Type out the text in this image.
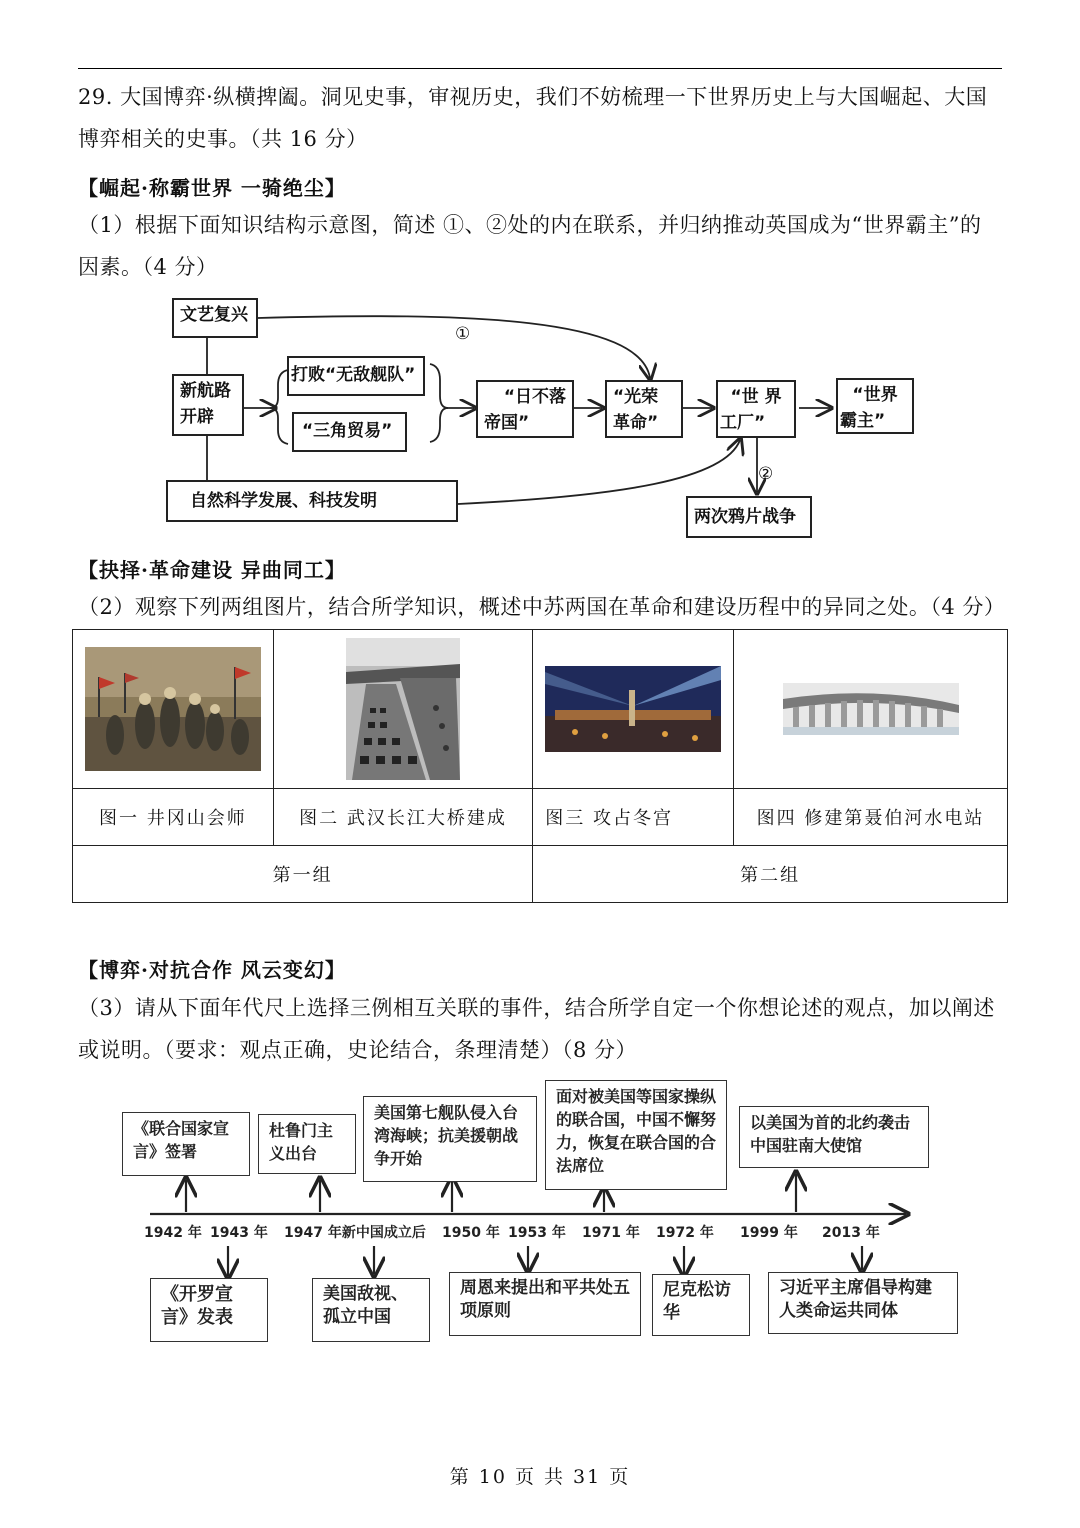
29. 大国博弈·纵横捭阖。洞见史事，审视历史，我们不妨梳理一下世界历史上与大国崛起、大国
博弈相关的史事。（共 16 分）
【崛起·称霸世界 一骑绝尘】
（1）根据下面知识结构示意图，简述 ①、②处的内在联系，并归纳推动英国成为“世界霸主”的
因素。（4 分）
文艺复兴
新航路
开辟
打败“无敌舰队”
“三角贸易”
“日不落
帝国”
“光荣
革命”
“世 界
工厂”
“世界
霸主”
自然科学发展、科技发明
两次鸦片战争
①
②
【抉择·革命建设 异曲同工】
（2）观察下列两组图片，结合所学知识，概述中苏两国在革命和建设历程中的异同之处。（4 分）

图一 井冈山会师	图二 武汉长江大桥建成	图三 攻占冬宫	图四 修建第聂伯河水电站
第一组		第二组	
【博弈·对抗合作 风云变幻】
（3）请从下面年代尺上选择三例相互关联的事件，结合所学自定一个你想论述的观点，加以阐述
或说明。（要求：观点正确，史论结合，条理清楚）（8 分）
1942 年 1943 年 1947 年新中国成立后 1950 年 1953 年 1971 年 1972 年 1999 年 2013 年
《联合国家宣言》签署
杜鲁门主义出台
美国第七舰队侵入台湾海峡；抗美援朝战争开始
面对被美国等国家操纵的联合国，中国不懈努力，恢复在联合国的合法席位
以美国为首的北约袭击中国驻南大使馆
《开罗宣言》发表
美国敌视、孤立中国
周恩来提出和平共处五项原则
尼克松访华
习近平主席倡导构建人类命运共同体
第 10 页 共 31 页
